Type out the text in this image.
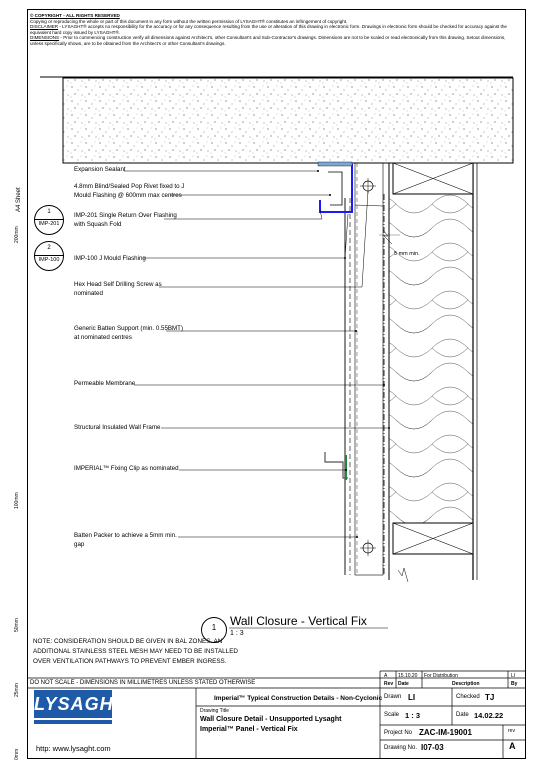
© COPYRIGHT - ALL RIGHTS RESERVED
Copying or reproducing the whole or part of this document in any form without the written permission of LYSAGHT® constitutes an infringement of copyright.
DISCLAIMER - LYSAGHT® accepts no responsibility for the accuracy or for any consequence resulting from the use or alteration of this drawing in electronic form. Drawings in electronic form should be checked for accuracy against the equivalent hard copy issued by LYSAGHT®.
DIMENSIONS - Prior to commencing construction verify all dimensions against Architect's, other Consultant's and Sub-Contractor's drawings. Dimensions are not to be scaled or read electronically from this drawing. Setout dimensions, unless specifically shown, are to be obtained from the Architect's or other Consultant's drawings.
A4 Sheet
200mm
100mm
50mm
25mm
0mm
Expansion Sealant
4.8mm Blind/Sealed Pop Rivet fixed to J
Mould Flashing @ 600mm max centres
IMP-201 Single Return Over Flashing
with Squash Fold
IMP-100 J Mould Flashing
Hex Head Self Drilling Screw as
nominated
Generic Batten Support (min. 0.55BMT)
at nominated centres
Permeable Membrane
Structural Insulated Wall Frame
IMPERIAL™ Fixing Clip as nominated
Batten Packer to achieve a 5mm min.
gap
5 mm min.
1
IMP-201
2
IMP-100
1	Wall Closure - Vertical Fix
1 : 3
NOTE: CONSIDERATION SHOULD BE GIVEN IN BAL ZONES. AN ADDITIONAL STAINLESS STEEL MESH MAY NEED TO BE INSTALLED OVER VENTILATION PATHWAYS TO PREVENT EMBER INGRESS.
DO NOT SCALE - DIMENSIONS IN MILLIMETRES UNLESS STATED OTHERWISE
A 15.10.20 For Distribution	LI
Rev Date	Description	By
LYSAGHT	Imperial™ Typical Construction Details - Non-Cyclonic Drawn LI	Checked TJ
Drawing Title
Wall Closure Detail - Unsupported Lysaght
Imperial™ Panel - Vertical Fix
Scale 1 : 3	Date 14.02.22
Project No ZAC-IM-19001	rev
Drawing No. I07-03	A
http: www.lysaght.com
